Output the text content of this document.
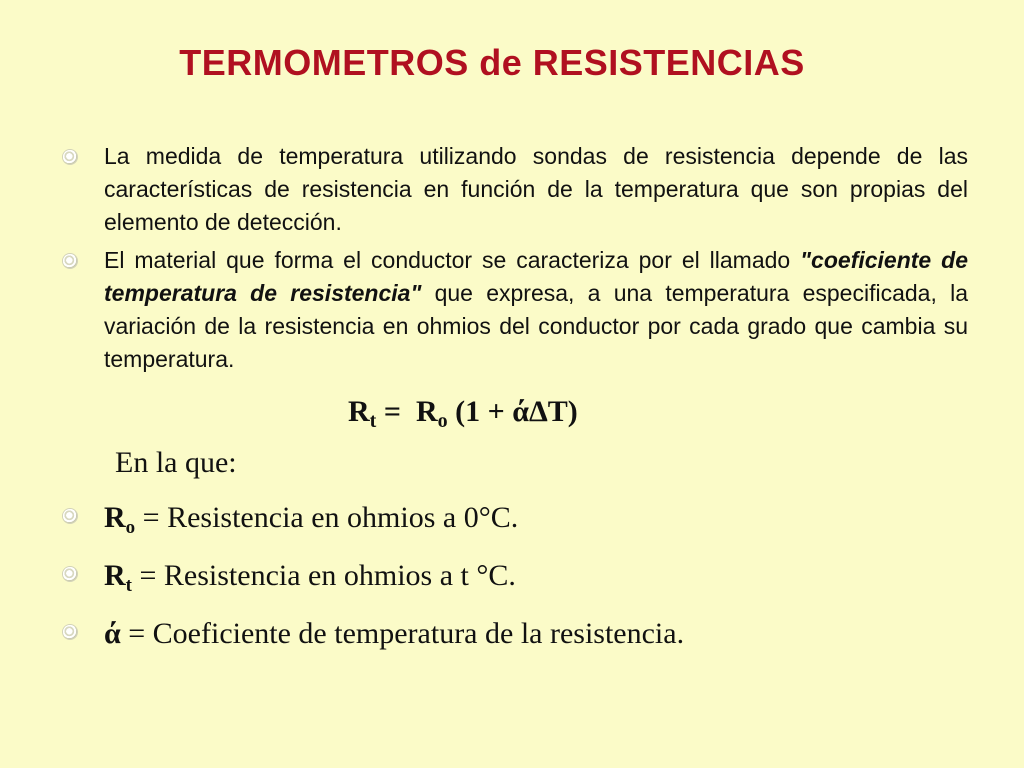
TERMOMETROS de RESISTENCIAS
La medida de temperatura utilizando sondas de resistencia depende de las características de resistencia en función de la temperatura que son propias del elemento de detección.
El material que forma el conductor se caracteriza por el llamado "coeficiente de temperatura de resistencia" que expresa, a una temperatura especificada, la variación de la resistencia en ohmios del conductor por cada grado que cambia su temperatura.

$R_t = R_o$ (1 + άΔT)

En la que:

$R_o$ = Resistencia en ohmios a 0°C.
$R_t$ = Resistencia en ohmios a t °C.
ά = Coeficiente de temperatura de la resistencia.
